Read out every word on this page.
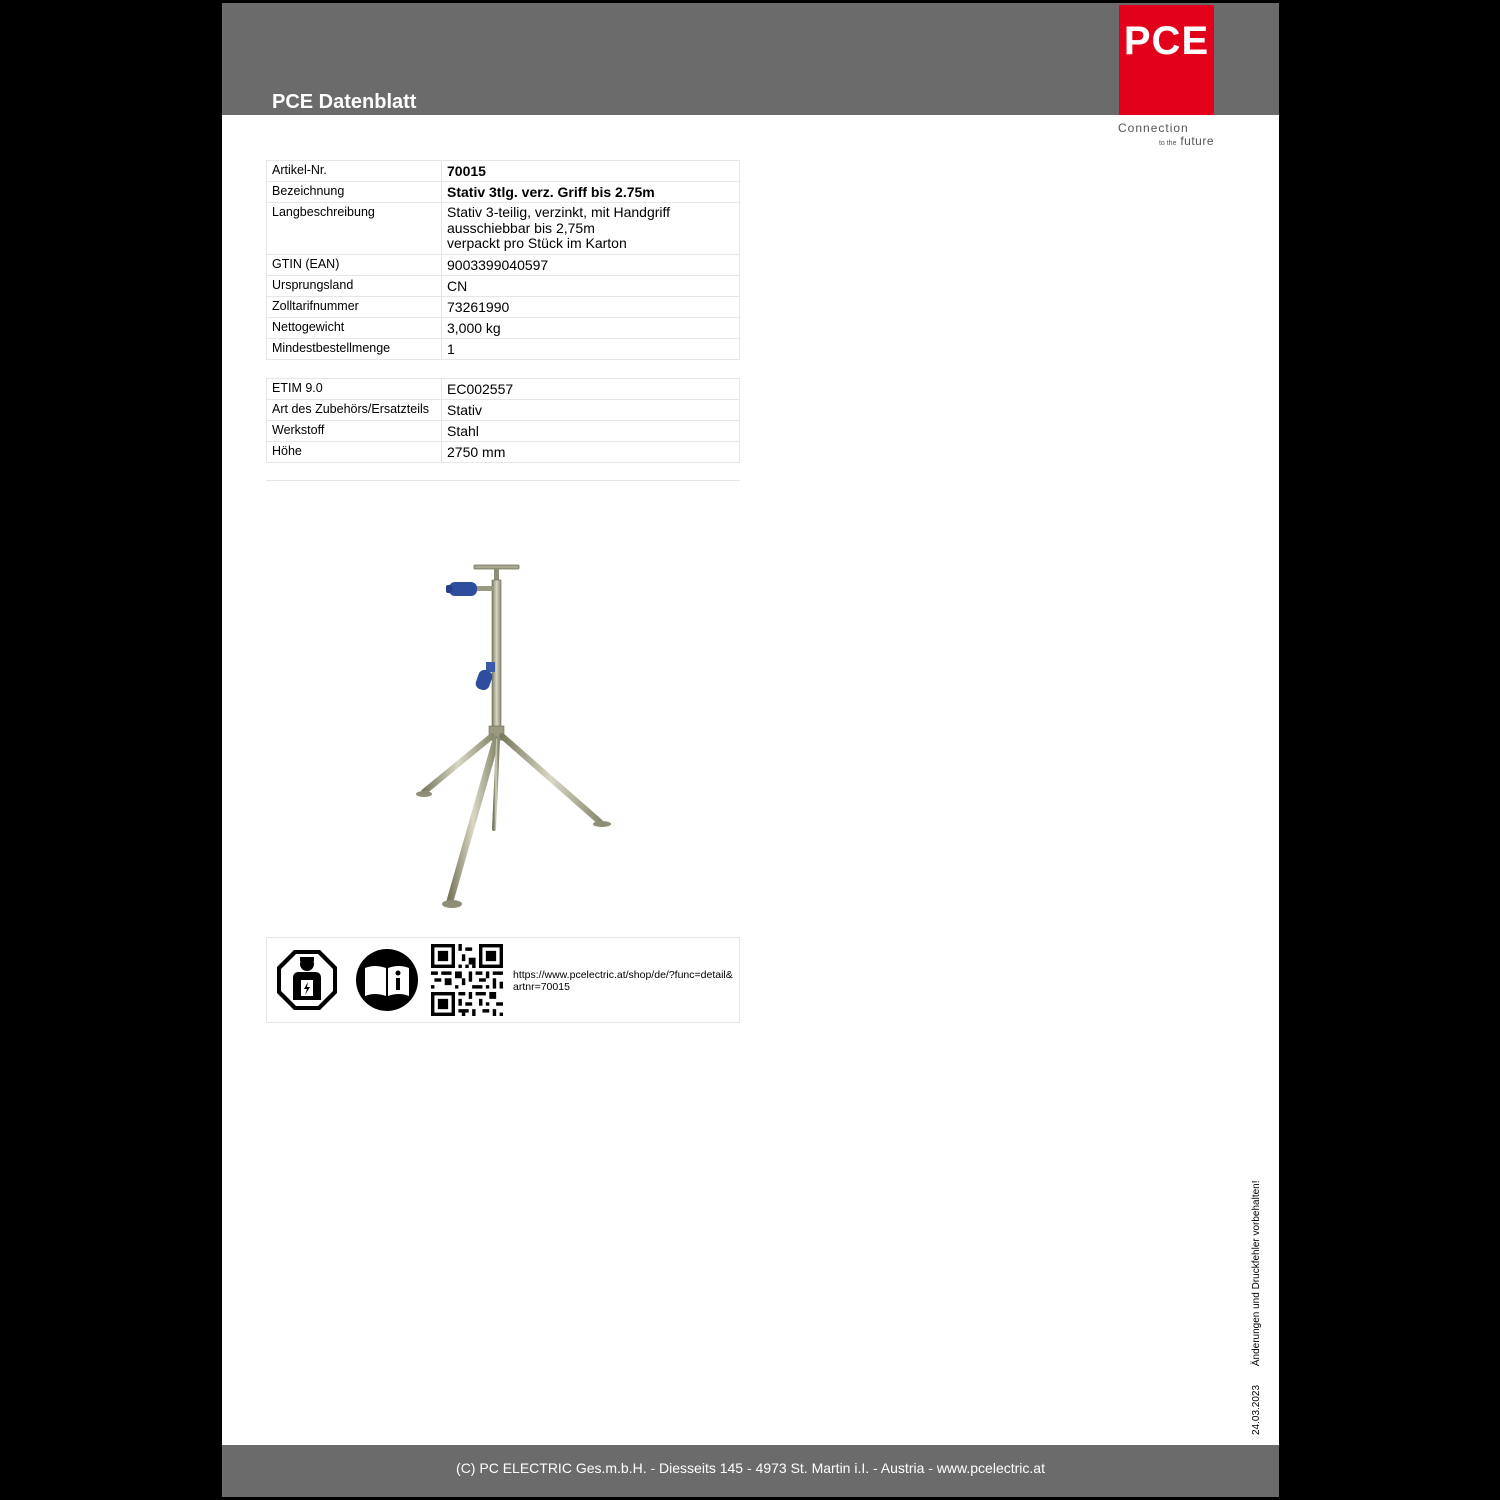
PCE Datenblatt
PCE
Connection
to the future
Artikel-Nr.	70015
Bezeichnung	Stativ 3tlg. verz. Griff bis 2.75m
Langbeschreibung	Stativ 3-teilig, verzinkt, mit Handgriff
ausschiebbar bis 2,75m
verpackt pro Stück im Karton

GTIN (EAN)	9003399040597
Ursprungsland	CN
Zolltarifnummer	73261990
Nettogewicht	3,000 kg
Mindestbestellmenge	1
ETIM 9.0	EC002557
Art des Zubehörs/Ersatzteils	Stativ
Werkstoff	Stahl
Höhe	2750 mm
https://www.pcelectric.at/shop/de/?func=detail&artnr=70015
24.03.2023 Änderungen und Druckfehler vorbehalten!
(C) PC ELECTRIC Ges.m.b.H. - Diesseits 145 - 4973 St. Martin i.I. - Austria - www.pcelectric.at
